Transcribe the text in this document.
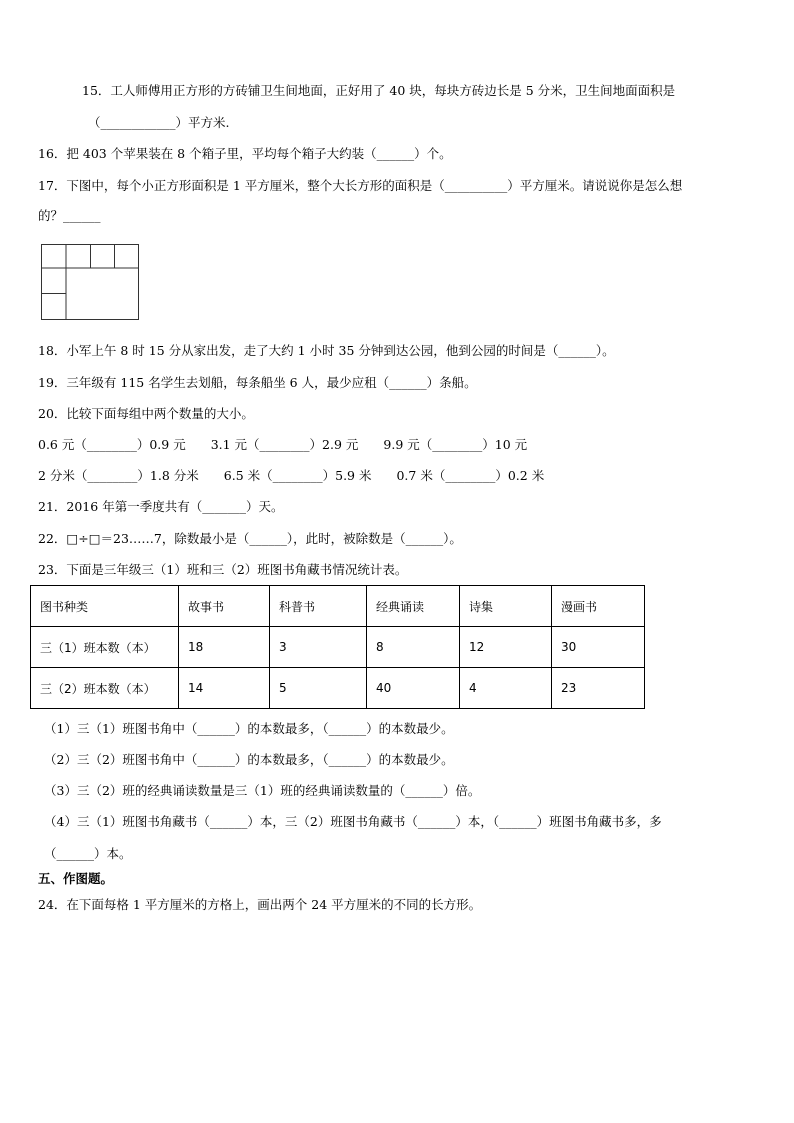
15．工人师傅用正方形的方砖铺卫生间地面，正好用了 40 块，每块方砖边长是 5 分米，卫生间地面面积是
（____________）平方米.
16．把 403 个苹果装在 8 个箱子里，平均每个箱子大约装（______）个。
17．下图中，每个小正方形面积是 1 平方厘米，整个大长方形的面积是（__________）平方厘米。请说说你是怎么想
的？______
18．小军上午 8 时 15 分从家出发，走了大约 1 小时 35 分钟到达公园，他到公园的时间是（______）。
19．三年级有 115 名学生去划船，每条船坐 6 人，最少应租（______）条船。
20．比较下面每组中两个数量的大小。
0.6 元（________）0.9 元　　3.1 元（________）2.9 元　　9.9 元（________）10 元
2 分米（________）1.8 分米　　6.5 米（________）5.9 米　　0.7 米（________）0.2 米
21．2016 年第一季度共有（_______）天。
22．□÷□＝23……7，除数最小是（______），此时，被除数是（______）。
23．下面是三年级三（1）班和三（2）班图书角藏书情况统计表。
图书种类	故事书	科普书	经典诵读	诗集	漫画书
三（1）班本数（本）	18	3	8	12	30
三（2）班本数（本）	14	5	40	4	23
（1）三（1）班图书角中（______）的本数最多，（______）的本数最少。
（2）三（2）班图书角中（______）的本数最多，（______）的本数最少。
（3）三（2）班的经典诵读数量是三（1）班的经典诵读数量的（______）倍。
（4）三（1）班图书角藏书（______）本，三（2）班图书角藏书（______）本，（______）班图书角藏书多，多
（______）本。
五、作图题。
24．在下面每格 1 平方厘米的方格上，画出两个 24 平方厘米的不同的长方形。
